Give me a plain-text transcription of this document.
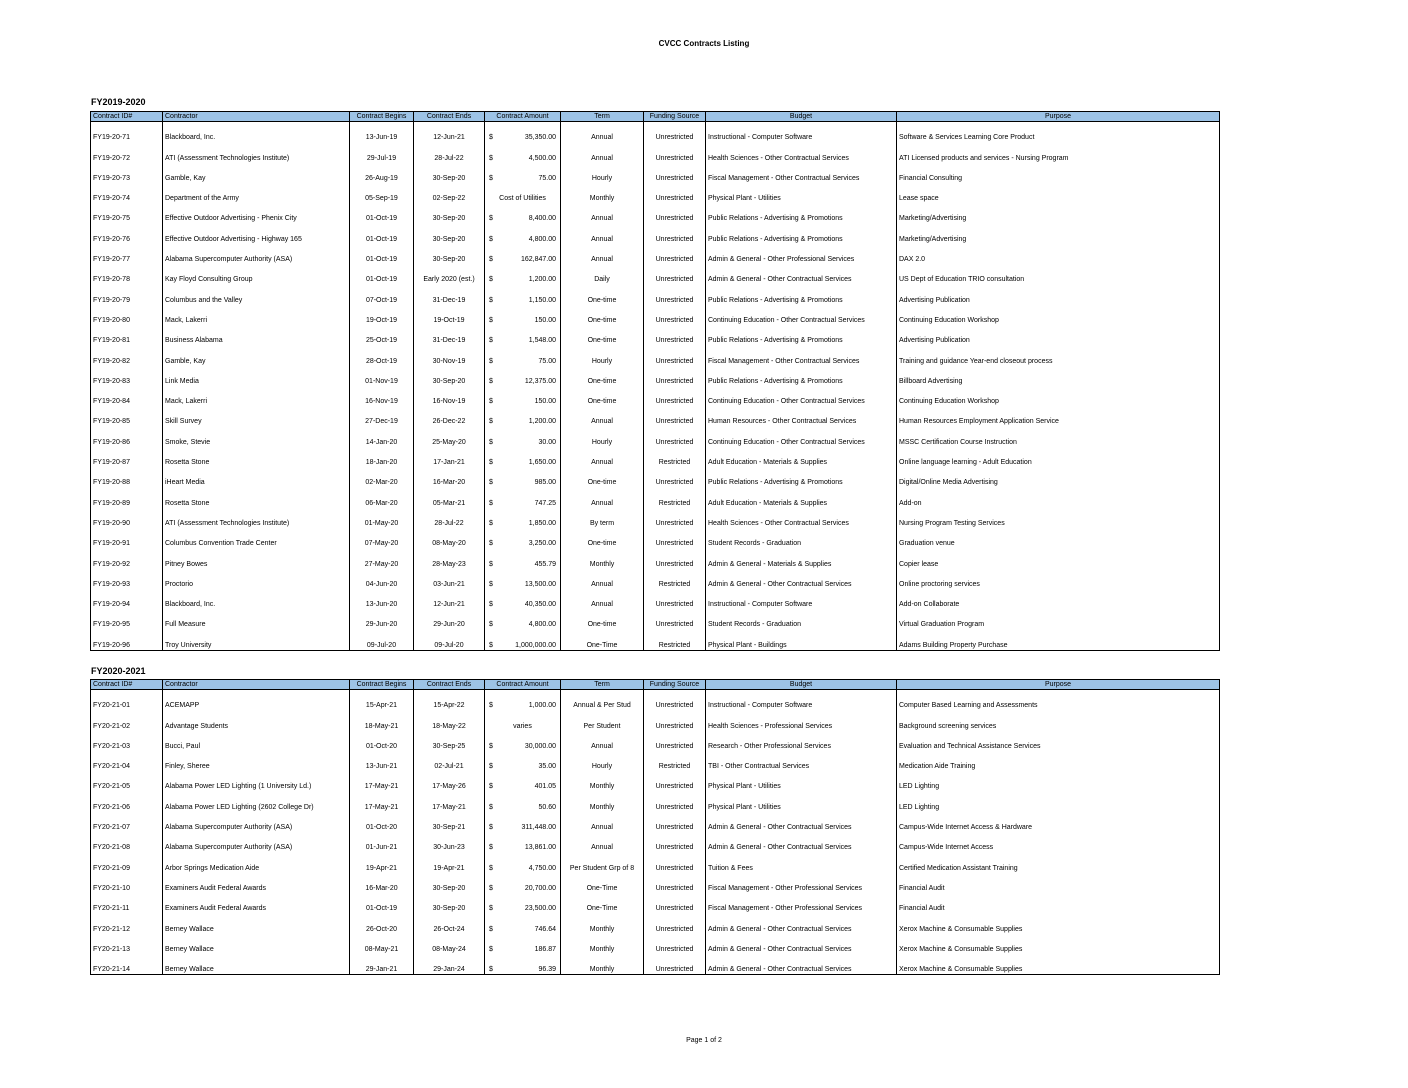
CVCC Contracts Listing
FY2019-2020
Contract ID#	Contractor	Contract Begins	Contract Ends	Contract Amount	Term	Funding Source	Budget	Purpose
FY19-20-71	Blackboard, Inc.	13-Jun-19	12-Jun-21	$ 35,350.00	Annual	Unrestricted	Instructional - Computer Software	Software & Services Learning Core Product
FY19-20-72	ATI (Assessment Technologies Institute)	29-Jul-19	28-Jul-22	$ 4,500.00	Annual	Unrestricted	Health Sciences - Other Contractual Services	ATI Licensed products and services - Nursing Program
FY19-20-73	Gamble, Kay	26-Aug-19	30-Sep-20	$ 75.00	Hourly	Unrestricted	Fiscal Management - Other Contractual Services	Financial Consulting
FY19-20-74	Department of the Army	05-Sep-19	02-Sep-22	Cost of Utilities	Monthly	Unrestricted	Physical Plant - Utilities	Lease space
FY19-20-75	Effective Outdoor Advertising - Phenix City	01-Oct-19	30-Sep-20	$ 8,400.00	Annual	Unrestricted	Public Relations - Advertising & Promotions	Marketing/Advertising
FY19-20-76	Effective Outdoor Advertising - Highway 165	01-Oct-19	30-Sep-20	$ 4,800.00	Annual	Unrestricted	Public Relations - Advertising & Promotions	Marketing/Advertising
FY19-20-77	Alabama Supercomputer Authority (ASA)	01-Oct-19	30-Sep-20	$ 162,847.00	Annual	Unrestricted	Admin & General - Other Professional Services	DAX 2.0
FY19-20-78	Kay Floyd Consulting Group	01-Oct-19	Early 2020 (est.)	$ 1,200.00	Daily	Unrestricted	Admin & General - Other Contractual Services	US Dept of Education TRIO consultation
FY19-20-79	Columbus and the Valley	07-Oct-19	31-Dec-19	$ 1,150.00	One-time	Unrestricted	Public Relations - Advertising & Promotions	Advertising Publication
FY19-20-80	Mack, Lakerri	19-Oct-19	19-Oct-19	$ 150.00	One-time	Unrestricted	Continuing Education - Other Contractual Services	Continuing Education Workshop
FY19-20-81	Business Alabama	25-Oct-19	31-Dec-19	$ 1,548.00	One-time	Unrestricted	Public Relations - Advertising & Promotions	Advertising Publication
FY19-20-82	Gamble, Kay	28-Oct-19	30-Nov-19	$ 75.00	Hourly	Unrestricted	Fiscal Management - Other Contractual Services	Training and guidance Year-end closeout process
FY19-20-83	Link Media	01-Nov-19	30-Sep-20	$ 12,375.00	One-time	Unrestricted	Public Relations - Advertising & Promotions	Billboard Advertising
FY19-20-84	Mack, Lakerri	16-Nov-19	16-Nov-19	$ 150.00	One-time	Unrestricted	Continuing Education - Other Contractual Services	Continuing Education Workshop
FY19-20-85	Skill Survey	27-Dec-19	26-Dec-22	$ 1,200.00	Annual	Unrestricted	Human Resources - Other Contractual Services	Human Resources Employment Application Service
FY19-20-86	Smoke, Stevie	14-Jan-20	25-May-20	$ 30.00	Hourly	Unrestricted	Continuing Education - Other Contractual Services	MSSC Certification Course Instruction
FY19-20-87	Rosetta Stone	18-Jan-20	17-Jan-21	$ 1,650.00	Annual	Restricted	Adult Education - Materials & Supplies	Online language learning - Adult Education
FY19-20-88	iHeart Media	02-Mar-20	16-Mar-20	$ 985.00	One-time	Unrestricted	Public Relations - Advertising & Promotions	Digital/Online Media Advertising
FY19-20-89	Rosetta Stone	06-Mar-20	05-Mar-21	$ 747.25	Annual	Restricted	Adult Education - Materials & Supplies	Add-on
FY19-20-90	ATI (Assessment Technologies Institute)	01-May-20	28-Jul-22	$ 1,850.00	By term	Unrestricted	Health Sciences - Other Contractual Services	Nursing Program Testing Services
FY19-20-91	Columbus Convention Trade Center	07-May-20	08-May-20	$ 3,250.00	One-time	Unrestricted	Student Records - Graduation	Graduation venue
FY19-20-92	Pitney Bowes	27-May-20	28-May-23	$ 455.79	Monthly	Unrestricted	Admin & General - Materials & Supplies	Copier lease
FY19-20-93	Proctorio	04-Jun-20	03-Jun-21	$ 13,500.00	Annual	Restricted	Admin & General - Other Contractual Services	Online proctoring services
FY19-20-94	Blackboard, Inc.	13-Jun-20	12-Jun-21	$ 40,350.00	Annual	Unrestricted	Instructional - Computer Software	Add-on Collaborate
FY19-20-95	Full Measure	29-Jun-20	29-Jun-20	$ 4,800.00	One-time	Unrestricted	Student Records - Graduation	Virtual Graduation Program
FY19-20-96	Troy University	09-Jul-20	09-Jul-20	$ 1,000,000.00	One-Time	Restricted	Physical Plant - Buildings	Adams Building Property Purchase
FY2020-2021
Contract ID#	Contractor	Contract Begins	Contract Ends	Contract Amount	Term	Funding Source	Budget	Purpose
FY20-21-01	ACEMAPP	15-Apr-21	15-Apr-22	$ 1,000.00	Annual & Per Stud	Unrestricted	Instructional - Computer Software	Computer Based Learning and Assessments
FY20-21-02	Advantage Students	18-May-21	18-May-22	varies	Per Student	Unrestricted	Health Sciences - Professional Services	Background screening services
FY20-21-03	Bucci, Paul	01-Oct-20	30-Sep-25	$ 30,000.00	Annual	Unrestricted	Research - Other Professional Services	Evaluation and Technical Assistance Services
FY20-21-04	Finley, Sheree	13-Jun-21	02-Jul-21	$ 35.00	Hourly	Restricted	TBI - Other Contractual Services	Medication Aide Training
FY20-21-05	Alabama Power LED Lighting (1 University Ld.)	17-May-21	17-May-26	$ 401.05	Monthly	Unrestricted	Physical Plant - Utilities	LED Lighting
FY20-21-06	Alabama Power LED Lighting (2602 College Dr)	17-May-21	17-May-21	$ 50.60	Monthly	Unrestricted	Physical Plant - Utilities	LED Lighting
FY20-21-07	Alabama Supercomputer Authority (ASA)	01-Oct-20	30-Sep-21	$ 311,448.00	Annual	Unrestricted	Admin & General - Other Contractual Services	Campus-Wide Internet Access & Hardware
FY20-21-08	Alabama Supercomputer Authority (ASA)	01-Jun-21	30-Jun-23	$ 13,861.00	Annual	Unrestricted	Admin & General - Other Contractual Services	Campus-Wide Internet Access
FY20-21-09	Arbor Springs Medication Aide	19-Apr-21	19-Apr-21	$ 4,750.00	Per Student Grp of 8	Unrestricted	Tuition & Fees	Certified Medication Assistant Training
FY20-21-10	Examiners Audit Federal Awards	16-Mar-20	30-Sep-20	$ 20,700.00	One-Time	Unrestricted	Fiscal Management - Other Professional Services	Financial Audit
FY20-21-11	Examiners Audit Federal Awards	01-Oct-19	30-Sep-20	$ 23,500.00	One-Time	Unrestricted	Fiscal Management - Other Professional Services	Financial Audit
FY20-21-12	Berney Wallace	26-Oct-20	26-Oct-24	$ 746.64	Monthly	Unrestricted	Admin & General - Other Contractual Services	Xerox Machine & Consumable Supplies
FY20-21-13	Berney Wallace	08-May-21	08-May-24	$ 186.87	Monthly	Unrestricted	Admin & General - Other Contractual Services	Xerox Machine & Consumable Supplies
FY20-21-14	Berney Wallace	29-Jan-21	29-Jan-24	$ 96.39	Monthly	Unrestricted	Admin & General - Other Contractual Services	Xerox Machine & Consumable Supplies
Page 1 of 2
